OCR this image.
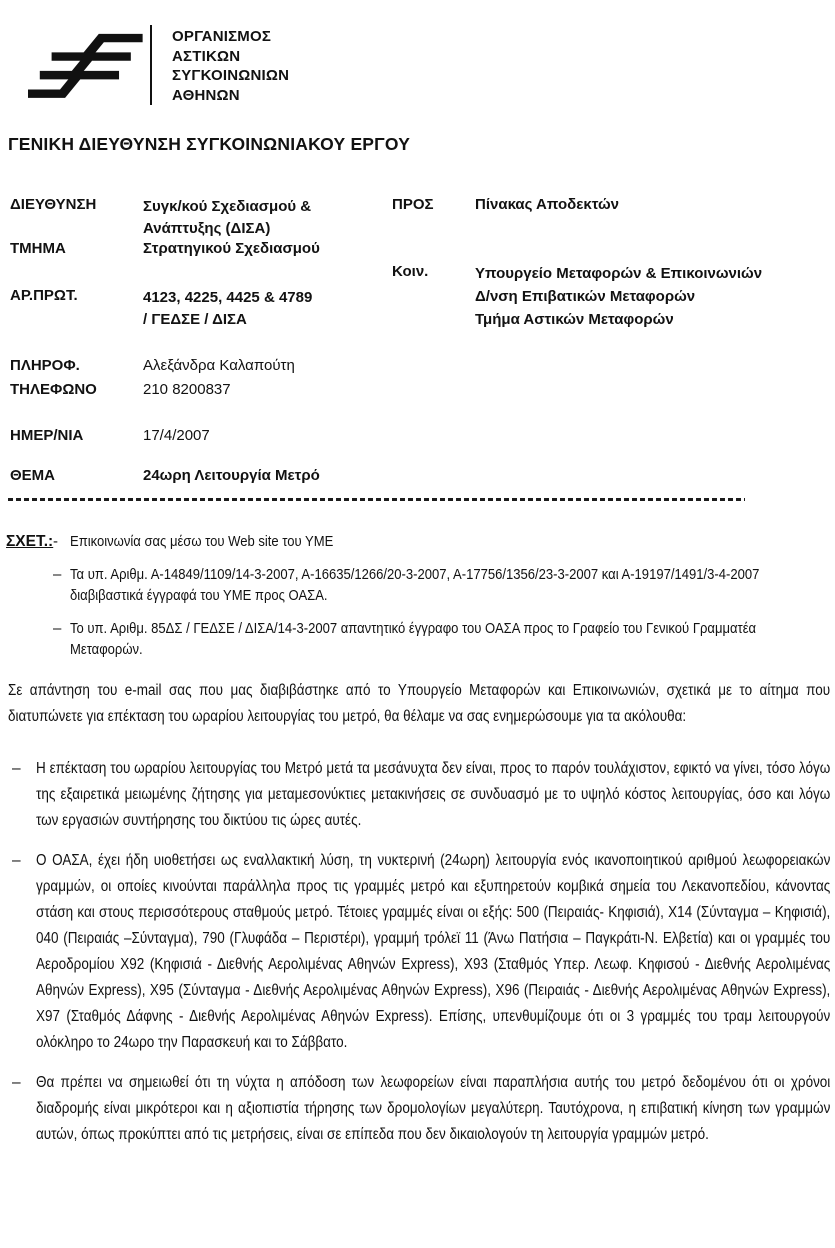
ΟΡΓΑΝΙΣΜΟΣ
ΑΣΤΙΚΩΝ
ΣΥΓΚΟΙΝΩΝΙΩΝ
ΑΘΗΝΩΝ
ΓΕΝΙΚΗ ΔΙΕΥΘΥΝΣΗ ΣΥΓΚΟΙΝΩΝΙΑΚΟΥ ΕΡΓΟΥ
ΔΙΕΥΘΥΝΣΗ	Συγκ/κού Σχεδιασμού &
Ανάπτυξης (ΔΙΣΑ)
ΤΜΗΜΑ	Στρατηγικού Σχεδιασμού
ΑΡ.ΠΡΩΤ.	4123, 4225, 4425 & 4789
/ ΓΕΔΣΕ / ΔΙΣΑ
ΠΡΟΣ	Πίνακας Αποδεκτών
Κοιν.	Υπουργείο Μεταφορών & Επικοινωνιών
Δ/νση Επιβατικών Μεταφορών
Τμήμα Αστικών Μεταφορών
ΠΛΗΡΟΦ.	Αλεξάνδρα Καλαπούτη
ΤΗΛΕΦΩΝΟ	210 8200837
ΗΜΕΡ/ΝΙΑ	17/4/2007
ΘΕΜΑ	24ωρη Λειτουργία Μετρό
ΣΧΕΤ.: - Επικοινωνία σας μέσω του Web site του ΥΜΕ
– Τα υπ. Αριθμ. Α-14849/1109/14-3-2007, Α-16635/1266/20-3-2007, Α-17756/1356/23-3-2007 και Α-19197/1491/3-4-2007 διαβιβαστικά έγγραφά του ΥΜΕ προς ΟΑΣΑ.
– Το υπ. Αριθμ. 85ΔΣ / ΓΕΔΣΕ / ΔΙΣΑ/14-3-2007 απαντητικό έγγραφο του ΟΑΣΑ προς το Γραφείο του Γενικού Γραμματέα Μεταφορών.
Σε απάντηση του e-mail σας που μας διαβιβάστηκε από το Υπουργείο Μεταφορών και Επικοινωνιών, σχετικά με το αίτημα που διατυπώνετε για επέκταση του ωραρίου λειτουργίας του μετρό, θα θέλαμε να σας ενημερώσουμε για τα ακόλουθα:
– Η επέκταση του ωραρίου λειτουργίας του Μετρό μετά τα μεσάνυχτα δεν είναι, προς το παρόν τουλάχιστον, εφικτό να γίνει, τόσο λόγω της εξαιρετικά μειωμένης ζήτησης για μεταμεσονύκτιες μετακινήσεις σε συνδυασμό με το υψηλό κόστος λειτουργίας, όσο και λόγω των εργασιών συντήρησης του δικτύου τις ώρες αυτές.
– Ο ΟΑΣΑ, έχει ήδη υιοθετήσει ως εναλλακτική λύση, τη νυκτερινή (24ωρη) λειτουργία ενός ικανοποιητικού αριθμού λεωφορειακών γραμμών, οι οποίες κινούνται παράλληλα προς τις γραμμές μετρό και εξυπηρετούν κομβικά σημεία του Λεκανοπεδίου, κάνοντας στάση και στους περισσότερους σταθμούς μετρό. Τέτοιες γραμμές είναι οι εξής: 500 (Πειραιάς- Κηφισιά), Χ14 (Σύνταγμα – Κηφισιά), 040 (Πειραιάς –Σύνταγμα), 790 (Γλυφάδα – Περιστέρι), γραμμή τρόλεϊ 11 (Άνω Πατήσια – Παγκράτι-Ν. Ελβετία) και οι γραμμές του Αεροδρομίου Χ92 (Κηφισιά - Διεθνής Αερολιμένας Αθηνών Express), Χ93 (Σταθμός Υπερ. Λεωφ. Κηφισού - Διεθνής Αερολιμένας Αθηνών Express), Χ95 (Σύνταγμα - Διεθνής Αερολιμένας Αθηνών Express), Χ96 (Πειραιάς - Διεθνής Αερολιμένας Αθηνών Express), Χ97 (Σταθμός Δάφνης - Διεθνής Αερολιμένας Αθηνών Express). Επίσης, υπενθυμίζουμε ότι οι 3 γραμμές του τραμ λειτουργούν ολόκληρο το 24ωρο την Παρασκευή και το Σάββατο.
– Θα πρέπει να σημειωθεί ότι τη νύχτα η απόδοση των λεωφορείων είναι παραπλήσια αυτής του μετρό δεδομένου ότι οι χρόνοι διαδρομής είναι μικρότεροι και η αξιοπιστία τήρησης των δρομολογίων μεγαλύτερη. Ταυτόχρονα, η επιβατική κίνηση των γραμμών αυτών, όπως προκύπτει από τις μετρήσεις, είναι σε επίπεδα που δεν δικαιολογούν τη λειτουργία γραμμών μετρό.
